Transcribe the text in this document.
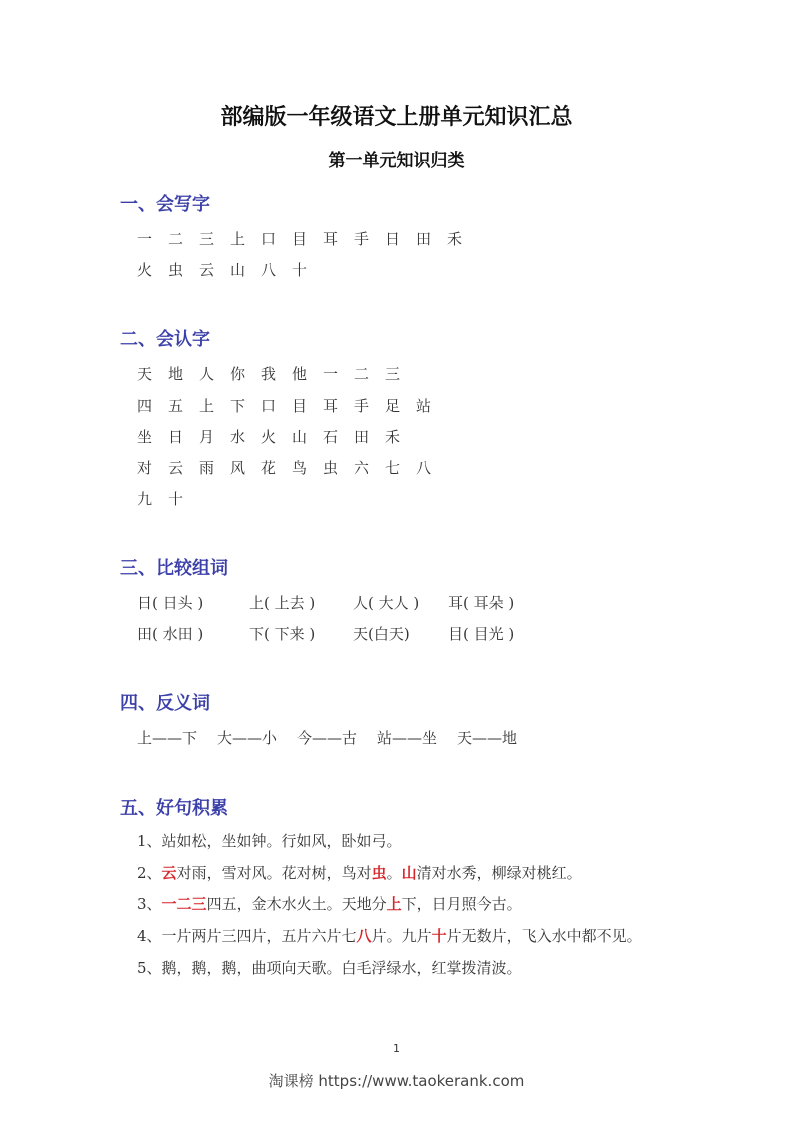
部编版一年级语文上册单元知识汇总
第一单元知识归类
一、会写字
一 二 三 上 口 目 耳 手 日 田 禾
火 虫 云 山 八 十
二、会认字
天 地 人 你 我 他 一 二 三
四 五 上 下 口 目 耳 手 足 站
坐 日 月 水 火 山 石 田 禾
对 云 雨 风 花 鸟 虫 六 七 八
九 十
三、比较组词
日( 日头 )	上( 上去 )	人( 大人 ) 耳( 耳朵 )
田( 水田 )	下( 下来 )	天(白天)	目( 目光 )
四、反义词
上——下 大——小 今——古 站——坐 天——地
五、好句积累
1、站如松，坐如钟。行如风，卧如弓。
2、云对雨，雪对风。花对树，鸟对虫。山清对水秀，柳绿对桃红。
3、一二三四五，金木水火土。天地分上下，日月照今古。
4、一片两片三四片，五片六片七八片。九片十片无数片，飞入水中都不见。
5、鹅，鹅，鹅，曲项向天歌。白毛浮绿水，红掌拨清波。
1
淘课榜 https://www.taokerank.com
